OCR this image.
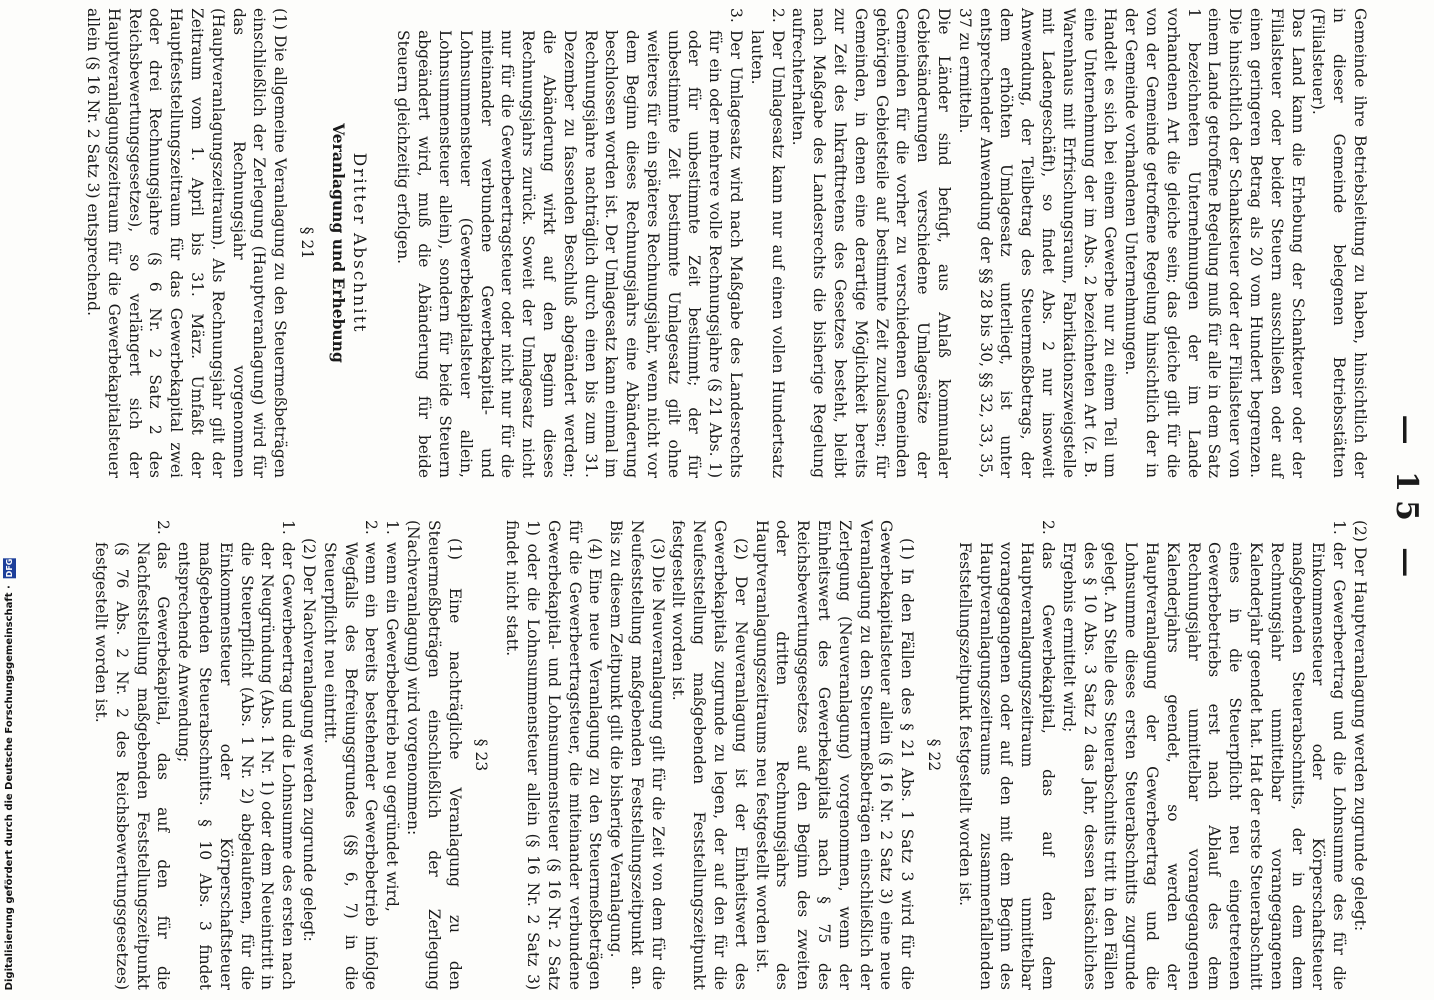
Digitalisierung gefördert durch die Deutsche Forschungsgemeinschaft · DFG	— 15 —

Gemeinde ihre Betriebsleitung zu haben, hinsichtlich der in dieser Gemeinde belegenen Betriebsstätten (Filialsteuer).

Das Land kann die Erhebung der Schankteuer oder der Filialsteuer oder beider Steuern ausschließen oder auf einen geringeren Betrag als 20 vom Hundert begrenzen. Die hinsichtlich der Schanksteuer oder der Filialsteuer von einem Lande getroffene Regelung muß für alle in dem Satz 1 bezeichneten Unternehmungen der im Lande vorhandenen Art die gleiche sein; das gleiche gilt für die von der Gemeinde getroffene Regelung hinsichtlich der in der Gemeinde vorhandenen Unternehmungen.

Handelt es sich bei einem Gewerbe nur zu einem Teil um eine Unternehmung der im Abs. 2 bezeichneten Art (z. B. Warenhaus mit Erfrischungsraum, Fabrikationszweigstelle mit Ladengeschäft), so findet Abs. 2 nur insoweit Anwendung, der Teilbetrag des Steuermeßbetrags, der dem erhöhten Umlagesatz unterliegt, ist unter entsprechender Anwendung der §§ 28 bis 30, §§ 32, 33, 35, 37 zu ermitteln.

Die Länder sind befugt, aus Anlaß kommunaler Gebietsänderungen verschiedene Umlagesätze der Gemeinden für die vorher zu verschiedenen Gemeinden gehörigen Gebietsteile auf bestimmte Zeit zuzulassen; für Gemeinden, in denen eine derartige Möglichkeit bereits zur Zeit des Inkrafttretens des Gesetzes besteht, bleibt nach Maßgabe des Landesrechts die bisherige Regelung aufrechterhalten.

2.
Der Umlagesatz kann nur auf einen vollen Hundertsatz lauten.
3.
Der Umlagesatz wird nach Maßgabe des Landesrechts für ein oder mehrere volle Rechnungsjahre (§ 21 Abs. 1) oder für unbestimmte Zeit bestimmt; der für unbestimmte Zeit bestimmte Umlagesatz gilt ohne weiteres für ein späteres Rechnungsjahr, wenn nicht vor dem Beginn dieses Rechnungsjahrs eine Abänderung beschlossen worden ist. Der Umlagesatz kann einmal im Rechnungsjahre nachträglich durch einen bis zum 31. Dezember zu fassenden Beschluß abgeändert werden; die Abänderung wirkt auf den Beginn dieses Rechnungsjahrs zurück. Soweit der Umlagesatz nicht nur für die Gewerbeertragsteuer oder nicht nur für die miteinander verbundene Gewerbekapital- und Lohnsummensteuer (Gewerbekapitalsteuer allein, Lohnsummensteuer allein), sondern für beide Steuern abgeändert wird, muß die Abänderung für beide Steuern gleichzeitig erfolgen.
Dritter Abschnitt
Veranlagung und Erhebung
§ 21

(1) Die allgemeine Veranlagung zu den Steuermeßbeträgen einschließlich der Zerlegung (Hauptveranlagung) wird für das Rechnungsjahr vorgenommen (Hauptveranlagungszeitraum). Als Rechnungsjahr gilt der Zeitraum vom 1. April bis 31. März. Umfaßt der Hauptfeststellungszeitraum für das Gewerbekapital zwei oder drei Rechnungsjahre (§ 6 Nr. 2 Satz 2 des Reichsbewertungsgesetzes), so verlängert sich der Hauptveranlagungszeitraum für die Gewerbekapitalsteuer allein (§ 16 Nr. 2 Satz 3) entsprechend.

(2) Der Hauptveranlagung werden zugrunde gelegt:

1.
der Gewerbeertrag und die Lohnsumme des für die Einkommensteuer oder Körperschaftsteuer maßgebenden Steuerabschnitts, der in dem dem Rechnungsjahr unmittelbar vorangegangenen Kalenderjahr geendet hat. Hat der erste Steuerabschnitt eines in die Steuerpflicht neu eingetretenen Gewerbebetriebs erst nach Ablauf des dem Rechnungsjahr unmittelbar vorangegangenen Kalenderjahrs geendet, so werden der Hauptveranlagung der Gewerbeertrag und die Lohnsumme dieses ersten Steuerabschnitts zugrunde gelegt. An Stelle des Steuerabschnitts tritt in den Fällen des § 10 Abs. 3 Satz 2 das Jahr, dessen tatsächliches Ergebnis ermittelt wird;
2.
das Gewerbekapital, das auf den dem Hauptveranlagungszeitraum unmittelbar vorangegangenen oder auf den mit dem Beginn des Hauptveranlagungszeitraums zusammenfallenden Feststellungszeitpunkt festgestellt worden ist.
§ 22

(1) In den Fällen des § 21 Abs. 1 Satz 3 wird für die Gewerbekapitalsteuer allein (§ 16 Nr. 2 Satz 3) eine neue Veranlagung zu den Steuermeßbeträgen einschließlich der Zerlegung (Neuveranlagung) vorgenommen, wenn der Einheitswert des Gewerbekapitals nach § 75 des Reichsbewertungsgesetzes auf den Beginn des zweiten oder dritten Rechnungsjahrs des Hauptveranlagungszeitraums neu festgestellt worden ist.

(2) Der Neuveranlagung ist der Einheitswert des Gewerbekapitals zugrunde zu legen, der auf den für die Neufeststellung maßgebenden Feststellungszeitpunkt festgestellt worden ist.

(3) Die Neuveranlagung gilt für die Zeit von dem für die Neufeststellung maßgebenden Feststellungszeitpunkt an. Bis zu diesem Zeitpunkt gilt die bisherige Veranlagung.

(4) Eine neue Veranlagung zu den Steuermeßbeträgen für die Gewerbeertragsteuer, die miteinander verbundene Gewerbekapital- und Lohnsummensteuer (§ 16 Nr. 2 Satz 1) oder die Lohnsummensteuer allein (§ 16 Nr. 2 Satz 3) findet nicht statt.

§ 23

(1) Eine nachträgliche Veranlagung zu den Steuermeßbeträgen einschließlich der Zerlegung (Nachveranlagung) wird vorgenommen:

1.
wenn ein Gewerbebetrieb neu gegründet wird,
2.
wenn ein bereits bestehender Gewerbebetrieb infolge Wegfalls des Befreiungsgrundes (§§ 6, 7) in die Steuerpflicht neu eintritt.

(2) Der Nachveranlagung werden zugrunde gelegt:

1.
der Gewerbeertrag und die Lohnsumme des ersten nach der Neugründung (Abs. 1 Nr. 1) oder dem Neueintritt in die Steuerpflicht (Abs. 1 Nr. 2) abgelaufenen, für die Einkommensteuer oder Körperschaftsteuer maßgebenden Steuerabschnitts. § 10 Abs. 3 findet entsprechende Anwendung;
2.
das Gewerbekapital, das auf den für die Nachfeststellung maßgebenden Feststellungszeitpunkt (§ 76 Abs. 2 Nr. 2 des Reichsbewertungsgesetzes) festgestellt worden ist.
